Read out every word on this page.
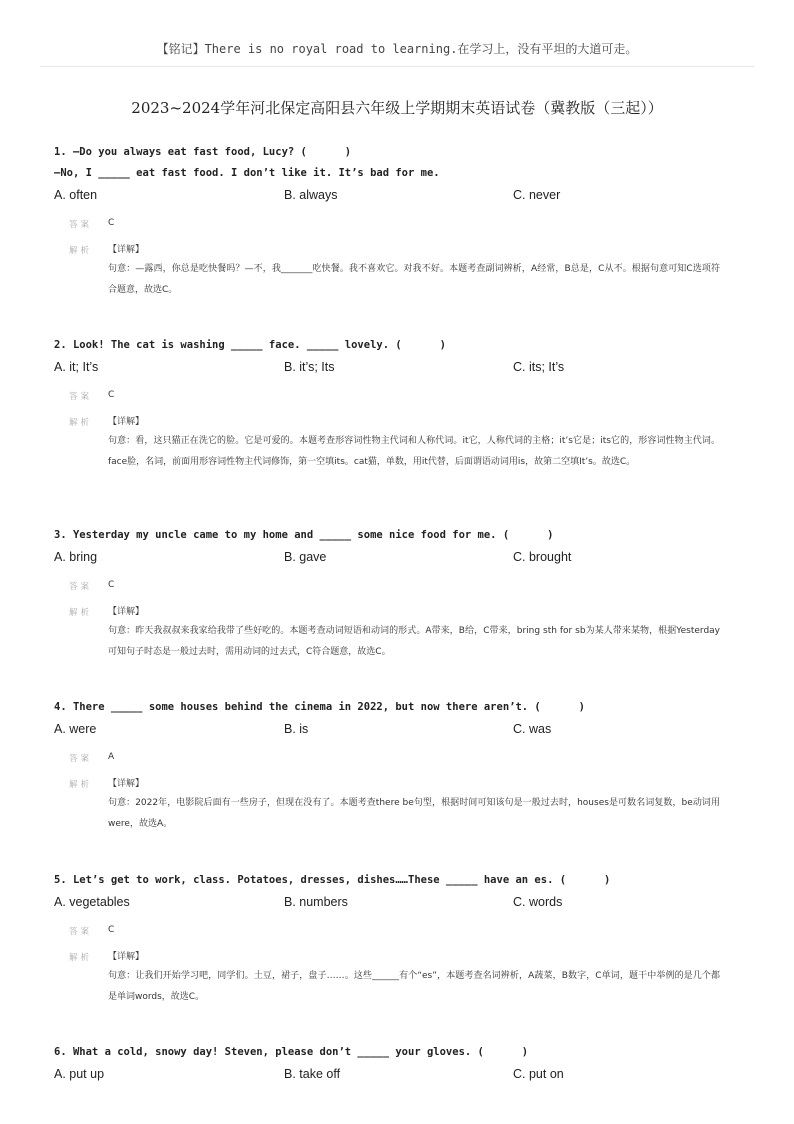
【铭记】There is no royal road to learning.在学习上，没有平坦的大道可走。
2023~2024学年河北保定高阳县六年级上学期期末英语试卷（冀教版（三起））
1. —Do you always eat fast food, Lucy? (      )
—No, I _____ eat fast food. I don’t like it. It’s bad for me.
A. often	B. always	C. never
答案 C
解析 【详解】
句意：—露西，你总是吃快餐吗？—不，我_______吃快餐。我不喜欢它。对我不好。本题考查副词辨析，A经常，B总是，C从不。根据句意可知C选项符合题意，故选C。
2. Look! The cat is washing _____ face. _____ lovely. (      )
A. it; It’s	B. it’s; Its	C. its; It’s
答案 C
解析 【详解】
句意：看，这只猫正在洗它的脸。它是可爱的。本题考查形容词性物主代词和人称代词。it它，人称代词的主格；it’s它是；its它的，形容词性物主代词。face脸，名词，前面用形容词性物主代词修饰，第一空填its。cat猫，单数，用it代替，后面谓语动词用is，故第二空填It’s。故选C。
3. Yesterday my uncle came to my home and _____ some nice food for me. (      )
A. bring	B. gave	C. brought
答案 C
解析 【详解】
句意：昨天我叔叔来我家给我带了些好吃的。本题考查动词短语和动词的形式。A带来，B给，C带来，bring sth for sb为某人带来某物，根据Yesterday可知句子时态是一般过去时，需用动词的过去式，C符合题意，故选C。
4. There _____ some houses behind the cinema in 2022, but now there aren’t. (      )
A. were	B. is	C. was
答案 A
解析 【详解】
句意：2022年，电影院后面有一些房子，但现在没有了。本题考查there be句型，根据时间可知该句是一般过去时，houses是可数名词复数，be动词用were，故选A。
5. Let’s get to work, class. Potatoes, dresses, dishes……These _____ have an es. (      )
A. vegetables	B. numbers	C. words
答案 C
解析 【详解】
句意：让我们开始学习吧，同学们。土豆，裙子，盘子……。这些______有个“es”，本题考查名词辨析，A蔬菜，B数字，C单词，题干中举例的是几个都是单词words，故选C。
6. What a cold, snowy day! Steven, please don’t _____ your gloves. (      )
A. put up	B. take off	C. put on
